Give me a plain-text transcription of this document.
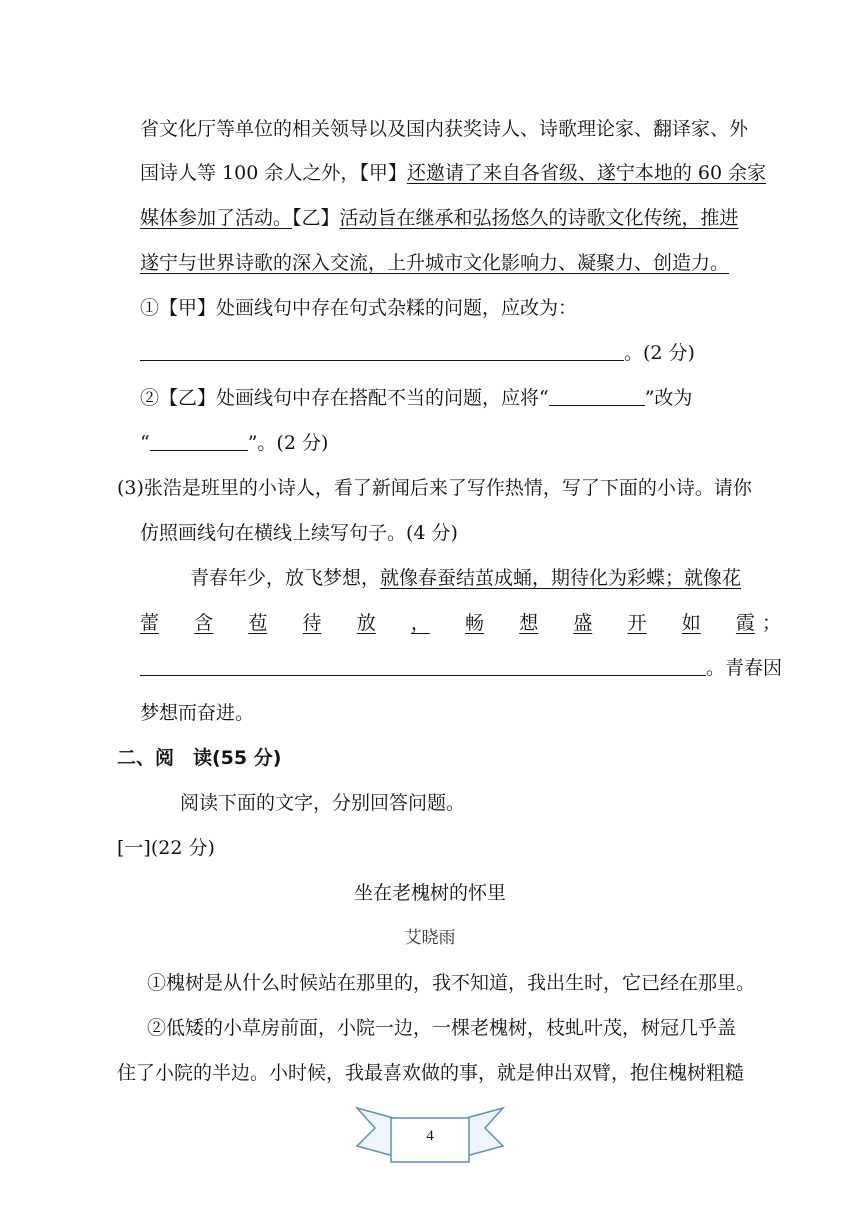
省文化厅等单位的相关领导以及国内获奖诗人、诗歌理论家、翻译家、外
国诗人等 100 余人之外，【甲】还邀请了来自各省级、遂宁本地的 60 余家
媒体参加了活动。【乙】活动旨在继承和弘扬悠久的诗歌文化传统，推进
遂宁与世界诗歌的深入交流，上升城市文化影响力、凝聚力、创造力。
①【甲】处画线句中存在句式杂糅的问题，应改为：
。(2 分)
②【乙】处画线句中存在搭配不当的问题，应将“	”改为
“	”。(2 分)
(3)张浩是班里的小诗人，看了新闻后来了写作热情，写了下面的小诗。请你
仿照画线句在横线上续写句子。(4 分)
青春年少，放飞梦想，就像春蚕结茧成蛹，期待化为彩蝶；就像花
蕾 含 苞 待 放 ， 畅 想 盛 开 如 霞 ；
。青春因
梦想而奋进。
二、阅　读(55 分)
阅读下面的文字，分别回答问题。
[一](22 分)
坐在老槐树的怀里
艾晓雨
①槐树是从什么时候站在那里的，我不知道，我出生时，它已经在那里。
②低矮的小草房前面，小院一边，一棵老槐树，枝虬叶茂，树冠几乎盖
住了小院的半边。小时候，我最喜欢做的事，就是伸出双臂，抱住槐树粗糙
4
